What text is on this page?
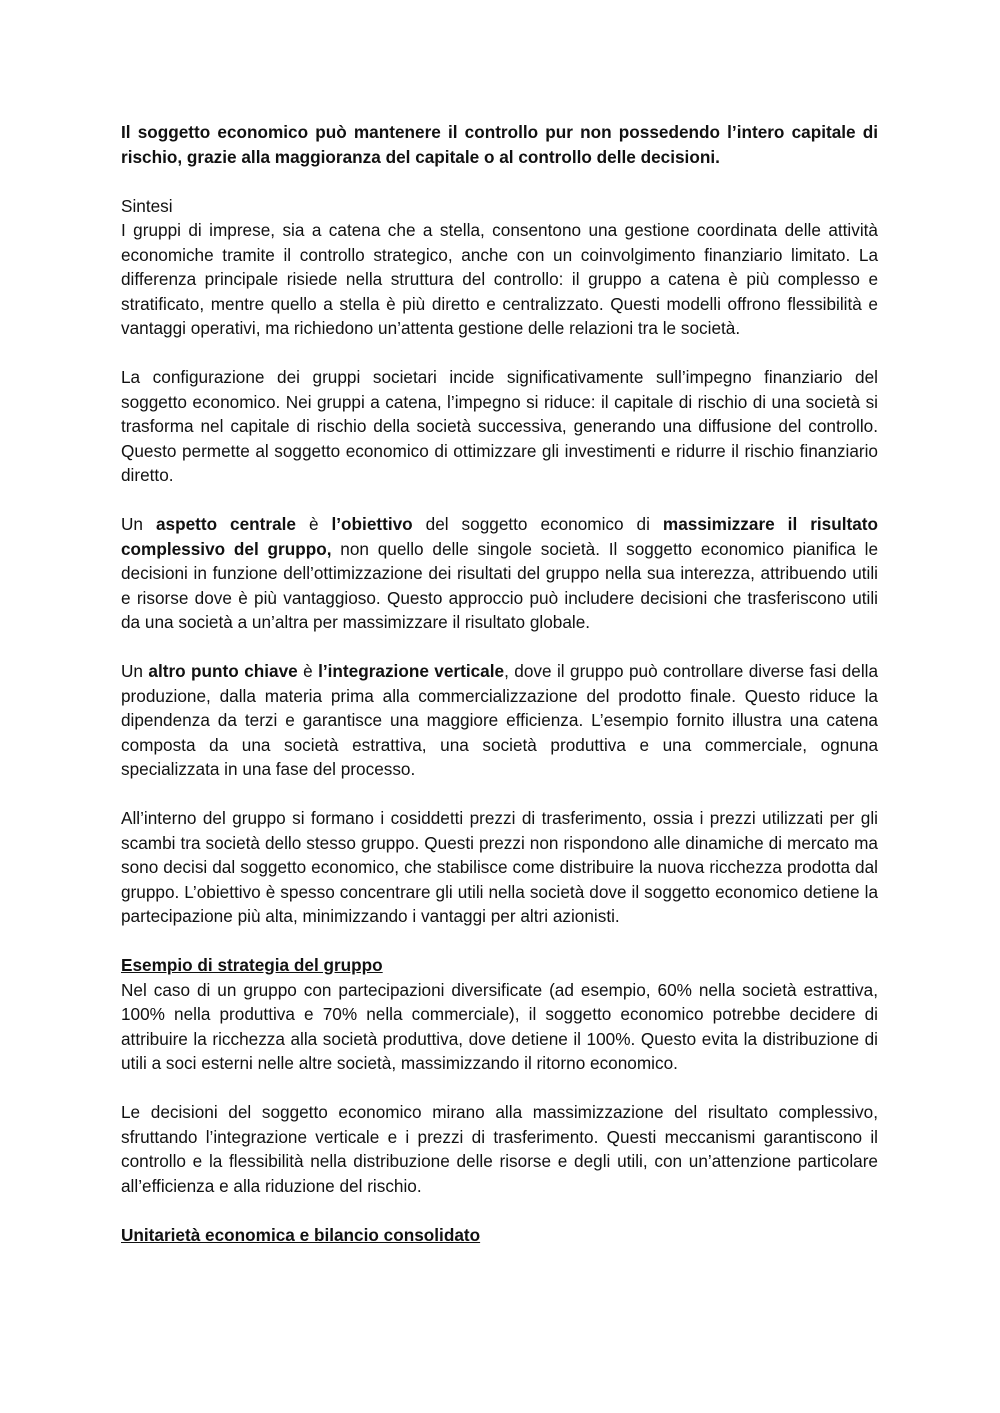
Il soggetto economico può mantenere il controllo pur non possedendo l’intero capitale di rischio, grazie alla maggioranza del capitale o al controllo delle decisioni.

Sintesi

I gruppi di imprese, sia a catena che a stella, consentono una gestione coordinata delle attività economiche tramite il controllo strategico, anche con un coinvolgimento finanziario limitato. La differenza principale risiede nella struttura del controllo: il gruppo a catena è più complesso e stratificato, mentre quello a stella è più diretto e centralizzato. Questi modelli offrono flessibilità e vantaggi operativi, ma richiedono un’attenta gestione delle relazioni tra le società.

La configurazione dei gruppi societari incide significativamente sull’impegno finanziario del soggetto economico. Nei gruppi a catena, l’impegno si riduce: il capitale di rischio di una società si trasforma nel capitale di rischio della società successiva, generando una diffusione del controllo. Questo permette al soggetto economico di ottimizzare gli investimenti e ridurre il rischio finanziario diretto.

Un aspetto centrale è l’obiettivo del soggetto economico di massimizzare il risultato complessivo del gruppo, non quello delle singole società. Il soggetto economico pianifica le decisioni in funzione dell’ottimizzazione dei risultati del gruppo nella sua interezza, attribuendo utili e risorse dove è più vantaggioso. Questo approccio può includere decisioni che trasferiscono utili da una società a un’altra per massimizzare il risultato globale.

Un altro punto chiave è l’integrazione verticale, dove il gruppo può controllare diverse fasi della produzione, dalla materia prima alla commercializzazione del prodotto finale. Questo riduce la dipendenza da terzi e garantisce una maggiore efficienza. L’esempio fornito illustra una catena composta da una società estrattiva, una società produttiva e una commerciale, ognuna specializzata in una fase del processo.

All’interno del gruppo si formano i cosiddetti prezzi di trasferimento, ossia i prezzi utilizzati per gli scambi tra società dello stesso gruppo. Questi prezzi non rispondono alle dinamiche di mercato ma sono decisi dal soggetto economico, che stabilisce come distribuire la nuova ricchezza prodotta dal gruppo. L’obiettivo è spesso concentrare gli utili nella società dove il soggetto economico detiene la partecipazione più alta, minimizzando i vantaggi per altri azionisti.

Esempio di strategia del gruppo

Nel caso di un gruppo con partecipazioni diversificate (ad esempio, 60% nella società estrattiva, 100% nella produttiva e 70% nella commerciale), il soggetto economico potrebbe decidere di attribuire la ricchezza alla società produttiva, dove detiene il 100%. Questo evita la distribuzione di utili a soci esterni nelle altre società, massimizzando il ritorno economico.

Le decisioni del soggetto economico mirano alla massimizzazione del risultato complessivo, sfruttando l’integrazione verticale e i prezzi di trasferimento. Questi meccanismi garantiscono il controllo e la flessibilità nella distribuzione delle risorse e degli utili, con un’attenzione particolare all’efficienza e alla riduzione del rischio.

Unitarietà economica e bilancio consolidato
